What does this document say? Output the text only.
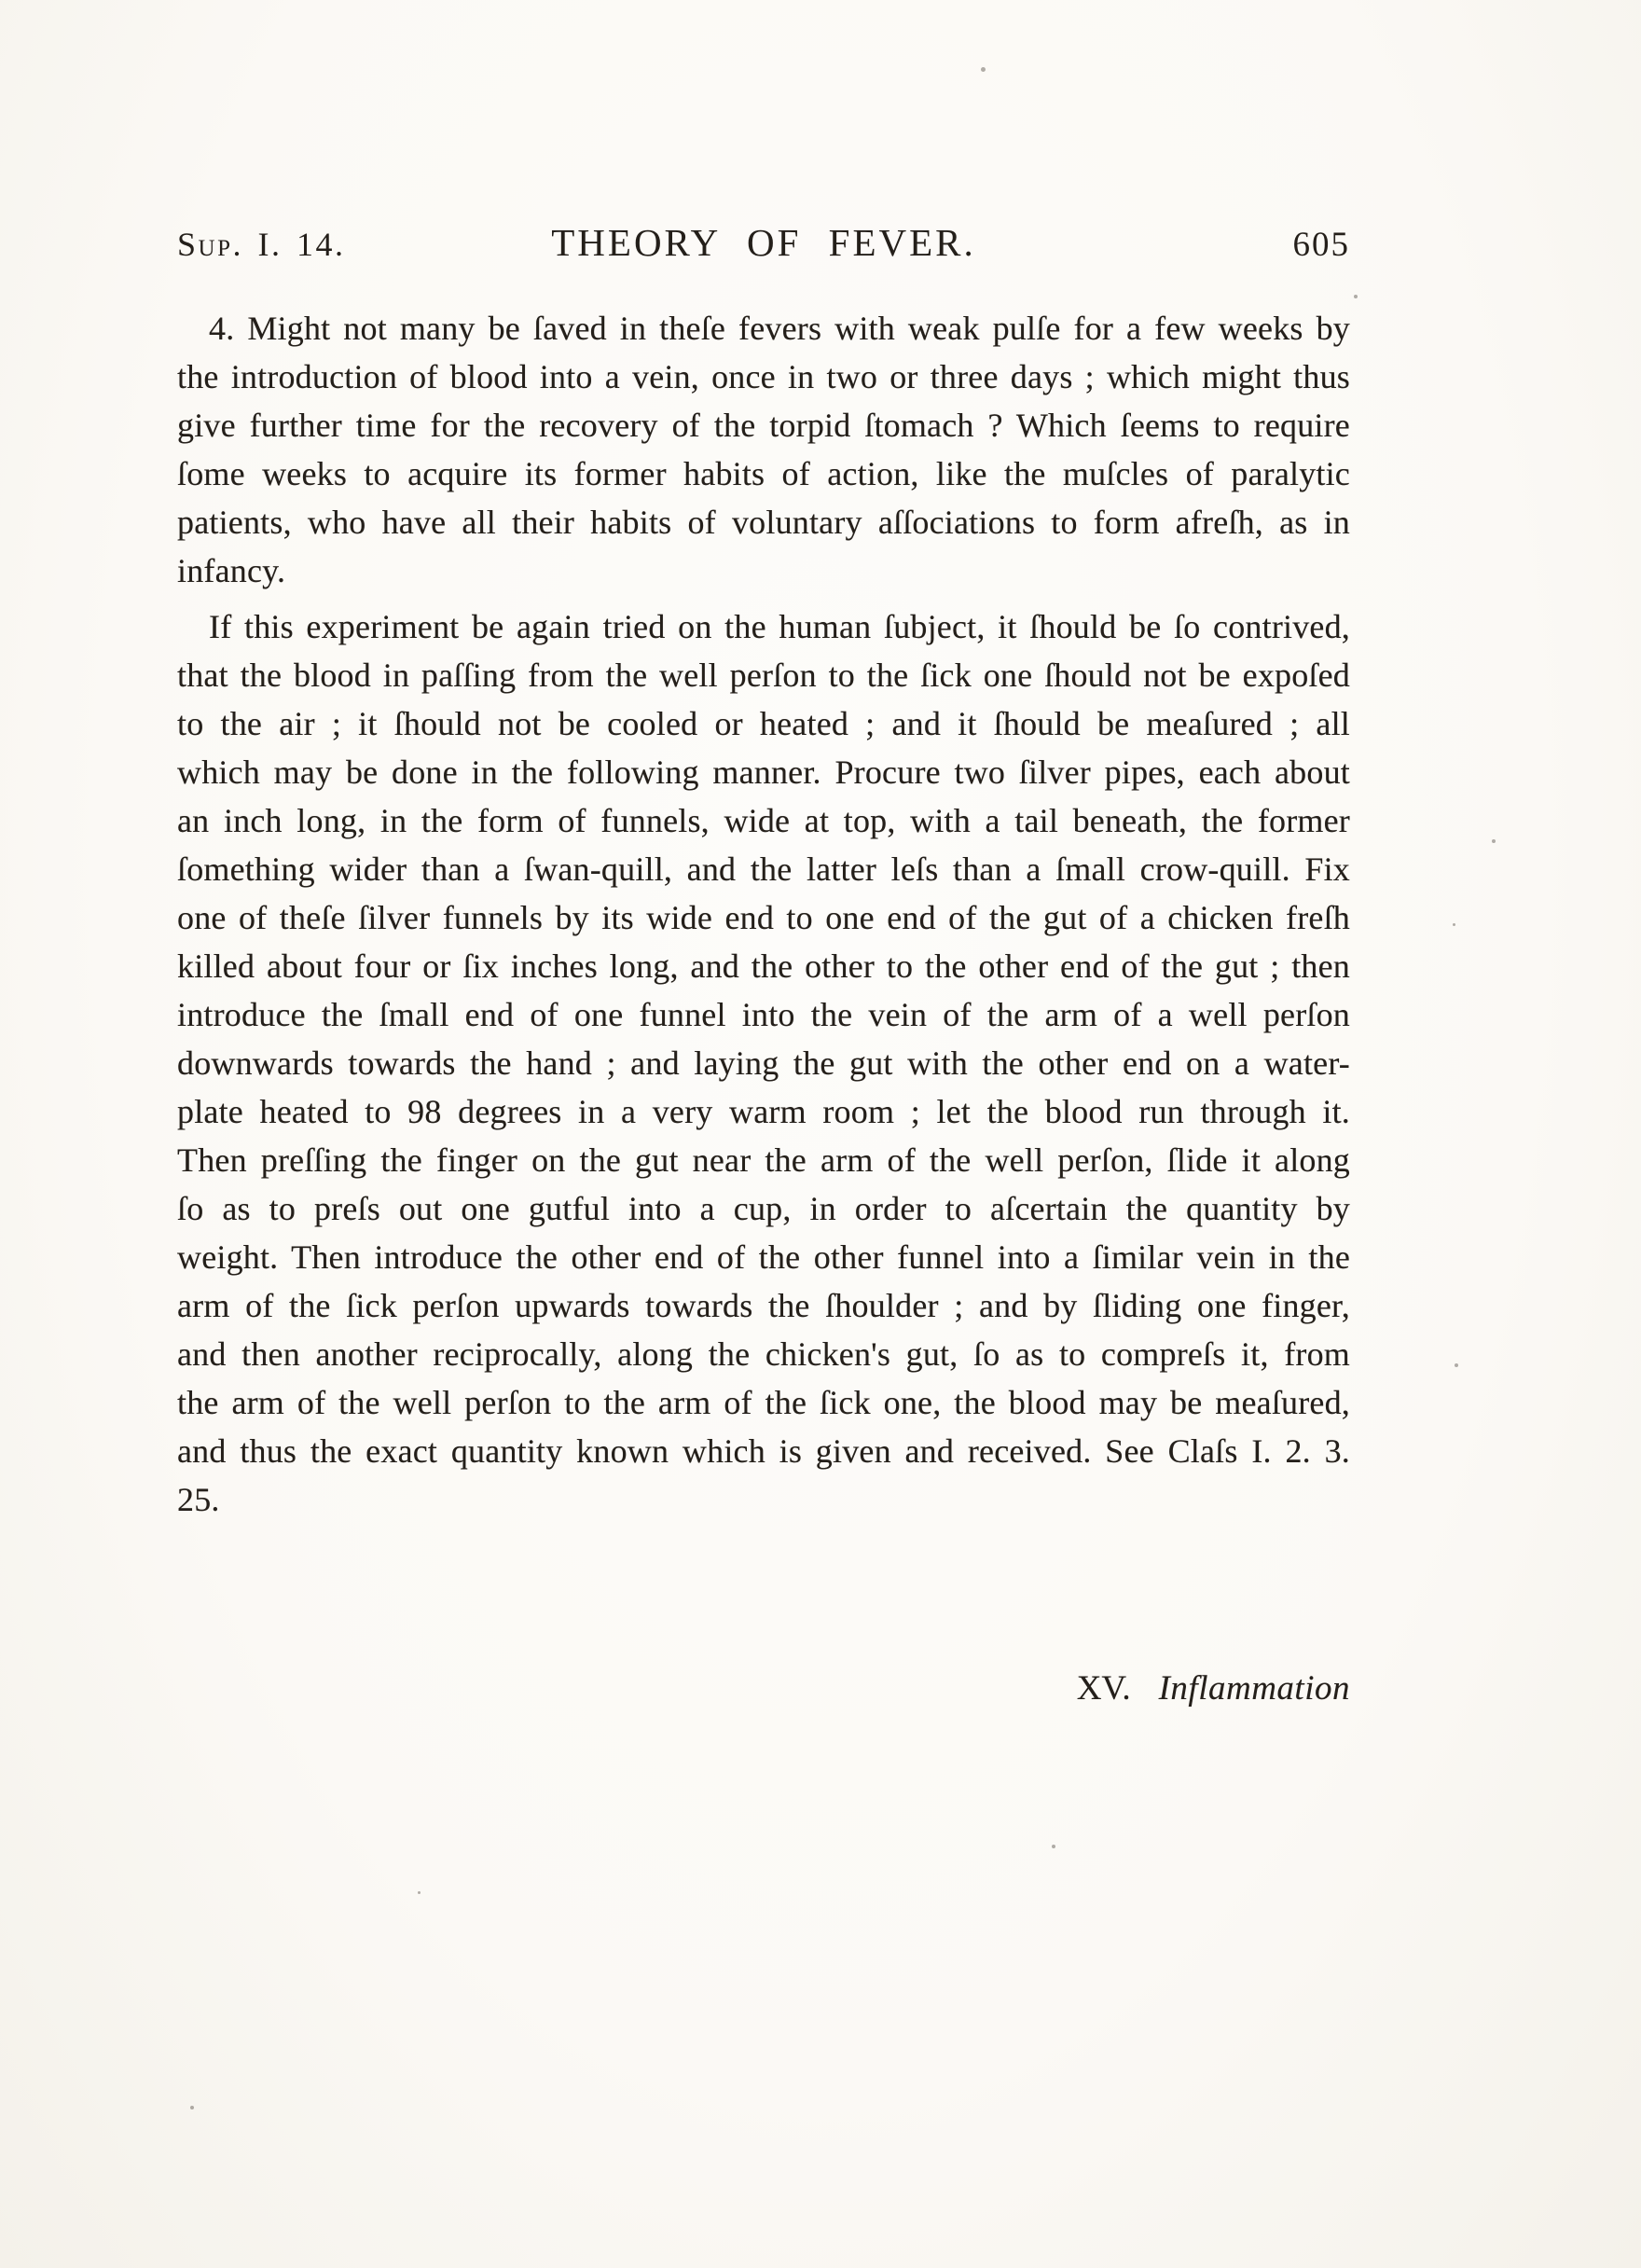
Sup. I. 14.	THEORY OF FEVER.	605

4. Might not many be ſaved in theſe fevers with weak pulſe for a few weeks by the introduction of blood into a vein, once in two or three days ; which might thus give further time for the recovery of the torpid ſtomach ? Which ſeems to require ſome weeks to acquire its former habits of action, like the muſcles of paralytic patients, who have all their habits of voluntary aſſociations to form afreſh, as in infancy.

If this experiment be again tried on the human ſubject, it ſhould be ſo contrived, that the blood in paſſing from the well perſon to the ſick one ſhould not be expoſed to the air ; it ſhould not be cooled or heated ; and it ſhould be meaſured ; all which may be done in the following manner. Procure two ſilver pipes, each about an inch long, in the form of funnels, wide at top, with a tail beneath, the former ſomething wider than a ſwan-quill, and the latter leſs than a ſmall crow-quill. Fix one of theſe ſilver funnels by its wide end to one end of the gut of a chicken freſh killed about four or ſix inches long, and the other to the other end of the gut ; then introduce the ſmall end of one funnel into the vein of the arm of a well perſon downwards towards the hand ; and laying the gut with the other end on a water-plate heated to 98 degrees in a very warm room ; let the blood run through it. Then preſſing the finger on the gut near the arm of the well perſon, ſlide it along ſo as to preſs out one gutful into a cup, in order to aſcertain the quantity by weight. Then introduce the other end of the other funnel into a ſimilar vein in the arm of the ſick perſon upwards towards the ſhoulder ; and by ſliding one finger, and then another reciprocally, along the chicken's gut, ſo as to compreſs it, from the arm of the well perſon to the arm of the ſick one, the blood may be meaſured, and thus the exact quantity known which is given and received. See Claſs I. 2. 3. 25.

XV. Inflammation
